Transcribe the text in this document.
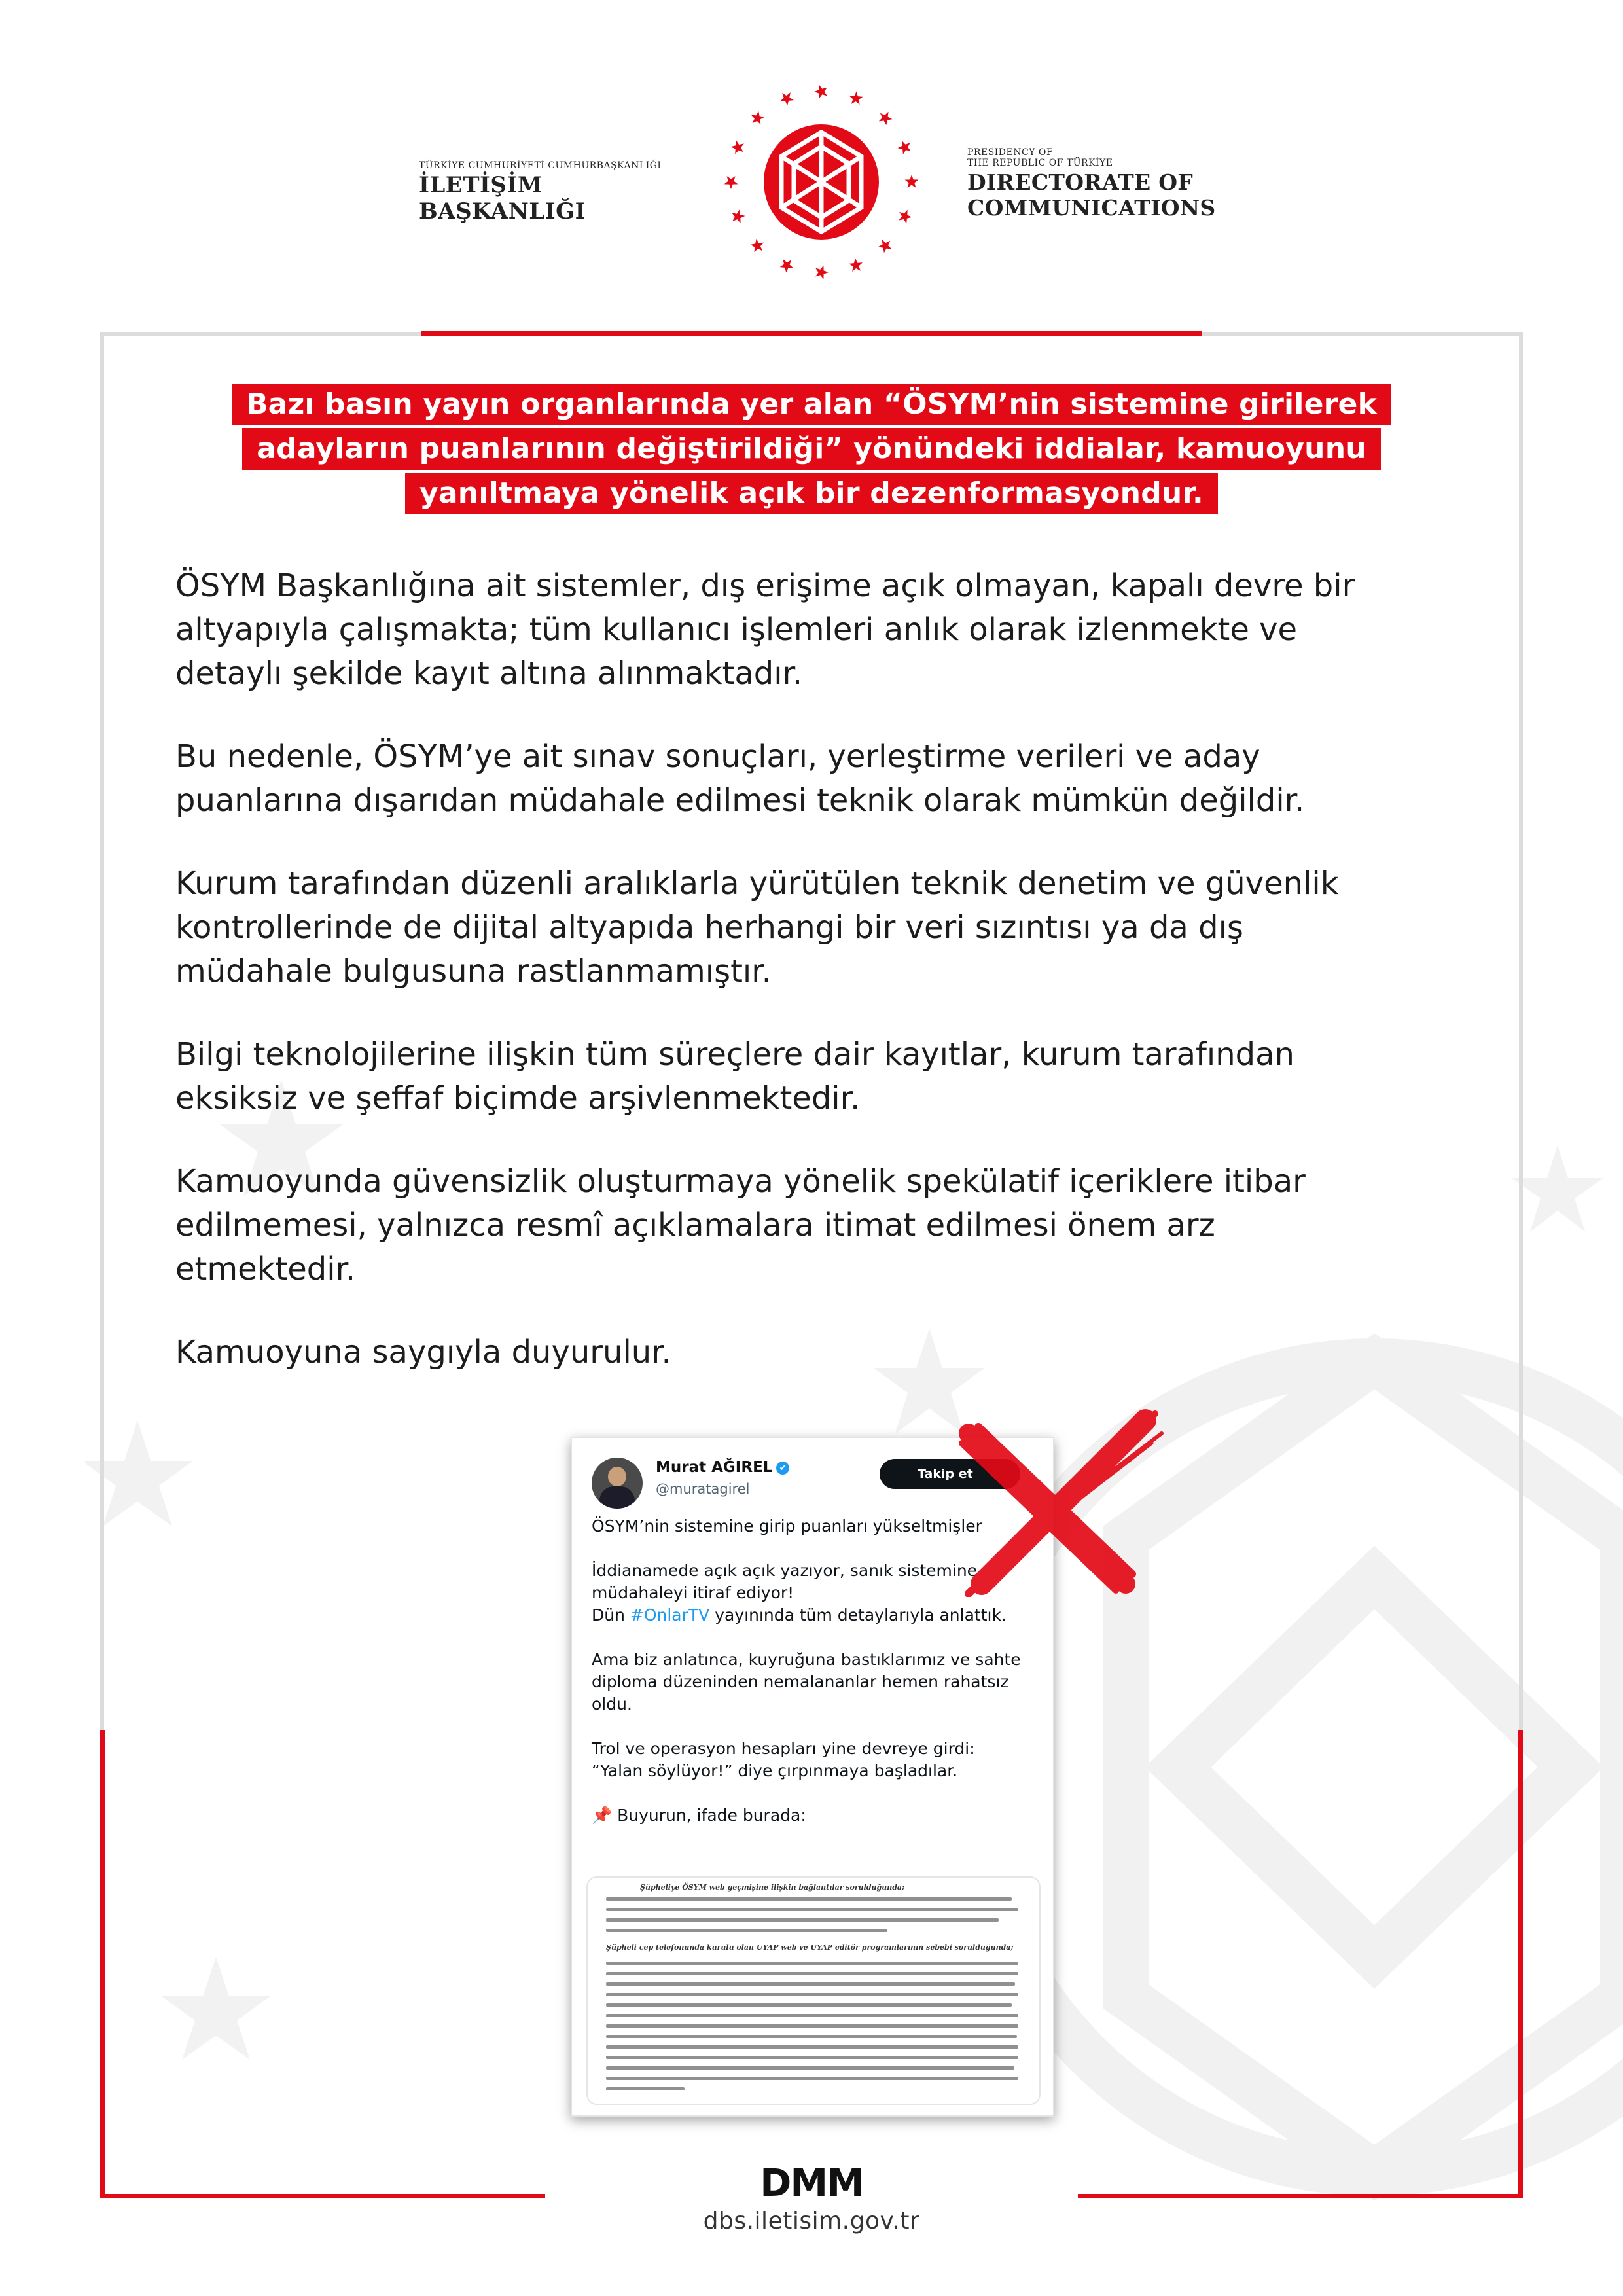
TÜRKİYE CUMHURİYETİ CUMHURBAŞKANLIĞI
İLETİŞİM BAŞKANLIĞI
PRESIDENCY OF
THE REPUBLIC OF TÜRKİYE
DIRECTORATE OF
COMMUNICATIONS
Bazı basın yayın organlarında yer alan “ÖSYM’nin sistemine girilerek
adayların puanlarının değiştirildiği” yönündeki iddialar, kamuoyunu
yanıltmaya yönelik açık bir dezenformasyondur.

ÖSYM Başkanlığına ait sistemler, dış erişime açık olmayan, kapalı devre bir
altyapıyla çalışmakta; tüm kullanıcı işlemleri anlık olarak izlenmekte ve
detaylı şekilde kayıt altına alınmaktadır.

Bu nedenle, ÖSYM’ye ait sınav sonuçları, yerleştirme verileri ve aday
puanlarına dışarıdan müdahale edilmesi teknik olarak mümkün değildir.

Kurum tarafından düzenli aralıklarla yürütülen teknik denetim ve güvenlik
kontrollerinde de dijital altyapıda herhangi bir veri sızıntısı ya da dış
müdahale bulgusuna rastlanmamıştır.

Bilgi teknolojilerine ilişkin tüm süreçlere dair kayıtlar, kurum tarafından
eksiksiz ve şeffaf biçimde arşivlenmektedir.

Kamuoyunda güvensizlik oluşturmaya yönelik spekülatif içeriklere itibar
edilmemesi, yalnızca resmî açıklamalara itimat edilmesi önem arz
etmektedir.

Kamuoyuna saygıyla duyurulur.

Murat AĞIREL ✔
@muratagirel
Takip et

ÖSYM’nin sistemine girip puanları yükseltmişler

İddianamede açık açık yazıyor, sanık sistemine
müdahaleyi itiraf ediyor!
Dün #OnlarTV yayınında tüm detaylarıyla anlattık.

Ama biz anlatınca, kuyruğuna bastıklarımız ve sahte
diploma düzeninden nemalananlar hemen rahatsız
oldu.

Trol ve operasyon hesapları yine devreye girdi:
“Yalan söylüyor!” diye çırpınmaya başladılar.

📌 Buyurun, ifade burada:

Şüpheliye ÖSYM web geçmişine ilişkin bağlantılar sorulduğunda;
Şüpheli cep telefonunda kurulu olan UYAP web ve UYAP editör programlarının sebebi sorulduğunda;
DMM
dbs.iletisim.gov.tr
